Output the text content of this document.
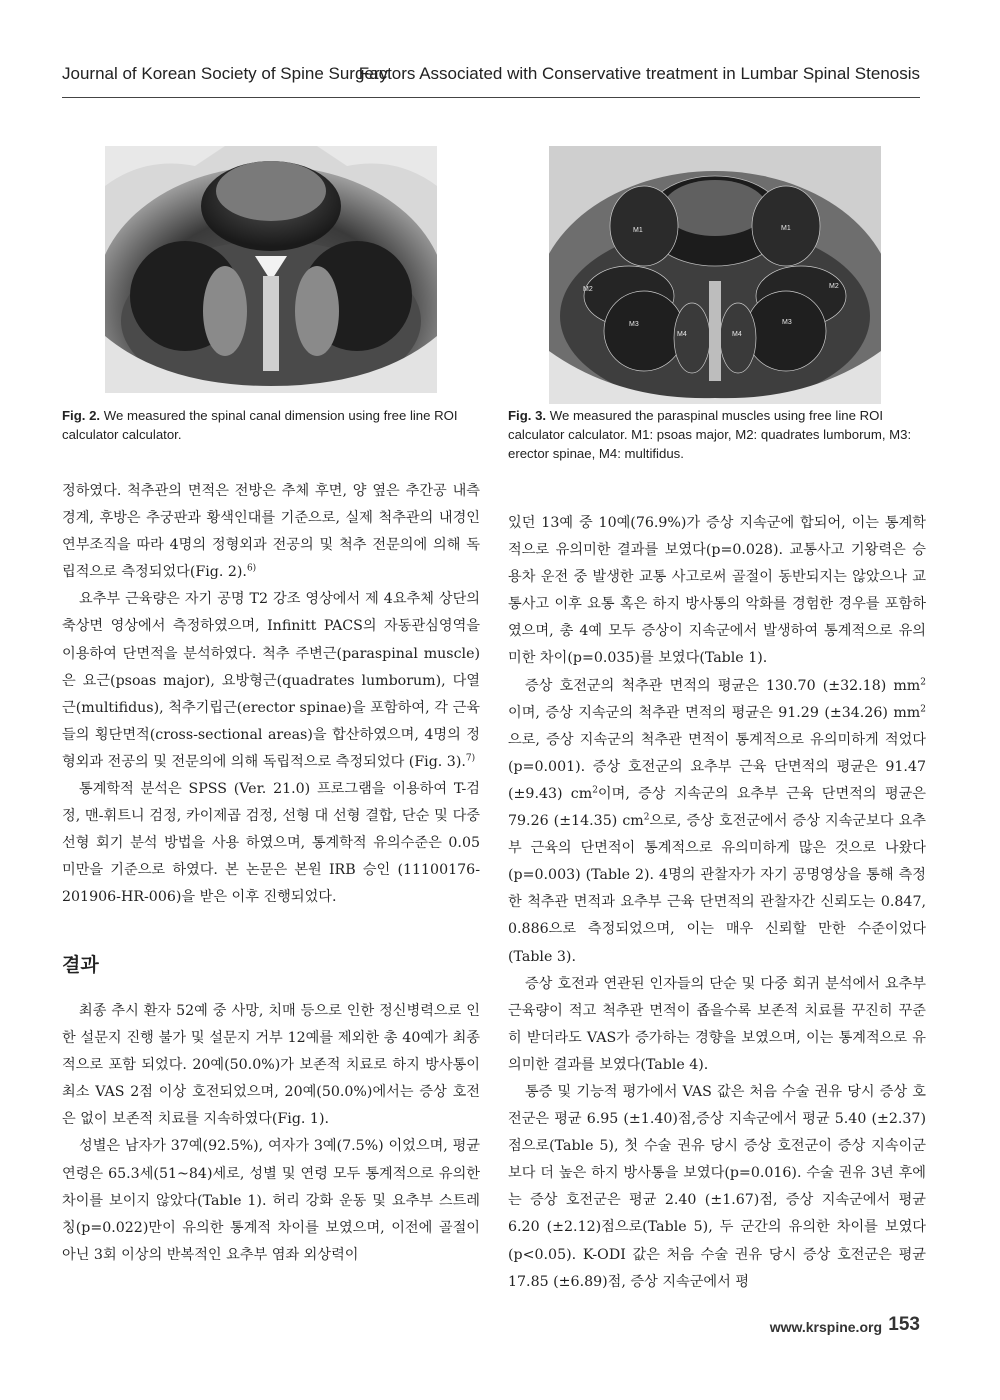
Journal of Korean Society of Spine Surgery
Factors Associated with Conservative treatment in Lumbar Spinal Stenosis
Fig. 2. We measured the spinal canal dimension using free line ROI calculator calculator.
M1	M1
M2	M2
M3	M3
M4	M4
Fig. 3. We measured the paraspinal muscles using free line ROI calculator calculator. M1: psoas major, M2: quadrates lumborum, M3: erector spinae, M4: multifidus.

정하였다. 척추관의 면적은 전방은 추체 후면, 양 옆은 추간공 내측 경계, 후방은 추궁판과 황색인대를 기준으로, 실제 척추관의 내경인 연부조직을 따라 4명의 정형외과 전공의 및 척추 전문의에 의해 독립적으로 측정되었다(Fig. 2).$^{6)}$

요추부 근육량은 자기 공명 T2 강조 영상에서 제 4요추체 상단의 축상면 영상에서 측정하였으며, Infinitt PACS의 자동관심영역을 이용하여 단면적을 분석하였다. 척추 주변근(paraspinal muscle)은 요근(psoas major), 요방형근(quadrates lumborum), 다열근(multifidus), 척추기립근(erector spinae)을 포함하여, 각 근육들의 횡단면적(cross-sectional areas)을 합산하였으며, 4명의 정형외과 전공의 및 전문의에 의해 독립적으로 측정되었다 (Fig. 3).$^{7)}$

통계학적 분석은 SPSS (Ver. 21.0) 프로그램을 이용하여 T-검정, 맨-휘트니 검정, 카이제곱 검정, 선형 대 선형 결합, 단순 및 다중 선형 회기 분석 방법을 사용 하였으며, 통계학적 유의수준은 0.05 미만을 기준으로 하였다. 본 논문은 본원 IRB 승인 (11100176-201906-HR-006)을 받은 이후 진행되었다.

결과

최종 추시 환자 52예 중 사망, 치매 등으로 인한 정신병력으로 인한 설문지 진행 불가 및 설문지 거부 12예를 제외한 총 40예가 최종적으로 포함 되었다. 20예(50.0%)가 보존적 치료로 하지 방사통이 최소 VAS 2점 이상 호전되었으며, 20예(50.0%)에서는 증상 호전은 없이 보존적 치료를 지속하였다(Fig. 1).

성별은 남자가 37예(92.5%), 여자가 3예(7.5%) 이었으며, 평균 연령은 65.3세(51~84)세로, 성별 및 연령 모두 통계적으로 유의한 차이를 보이지 않았다(Table 1). 허리 강화 운동 및 요추부 스트레칭(p=0.022)만이 유의한 통계적 차이를 보였으며, 이전에 골절이 아닌 3회 이상의 반복적인 요추부 염좌 외상력이

있던 13예 중 10예(76.9%)가 증상 지속군에 합되어, 이는 통계학적으로 유의미한 결과를 보였다(p=0.028). 교통사고 기왕력은 승용차 운전 중 발생한 교통 사고로써 골절이 동반되지는 않았으나 교통사고 이후 요통 혹은 하지 방사통의 악화를 경험한 경우를 포함하였으며, 총 4예 모두 증상이 지속군에서 발생하여 통계적으로 유의미한 차이(p=0.035)를 보였다(Table 1).

증상 호전군의 척추관 면적의 평균은 130.70 (±32.18) $mm^2$ 이며, 증상 지속군의 척추관 면적의 평균은 91.29 (±34.26) $mm^2$으로, 증상 지속군의 척추관 면적이 통계적으로 유의미하게 적었다(p=0.001). 증상 호전군의 요추부 근육 단면적의 평균은 91.47 (±9.43) $cm^2$이며, 증상 지속군의 요추부 근육 단면적의 평균은 79.26 (±14.35) $cm^2$으로, 증상 호전군에서 증상 지속군보다 요추부 근육의 단면적이 통계적으로 유의미하게 많은 것으로 나왔다(p=0.003) (Table 2). 4명의 관찰자가 자기 공명영상을 통해 측정한 척추관 면적과 요추부 근육 단면적의 관찰자간 신뢰도는 0.847, 0.886으로 측정되었으며, 이는 매우 신뢰할 만한 수준이었다(Table 3).

증상 호전과 연관된 인자들의 단순 및 다중 회귀 분석에서 요추부 근육량이 적고 척추관 면적이 좁을수록 보존적 치료를 꾸진히 꾸준히 받더라도 VAS가 증가하는 경향을 보였으며, 이는 통계적으로 유의미한 결과를 보였다(Table 4).

통증 및 기능적 평가에서 VAS 값은 처음 수술 권유 당시 증상 호전군은 평균 6.95 (±1.40)점,증상 지속군에서 평균 5.40 (±2.37)점으로(Table 5), 첫 수술 권유 당시 증상 호전군이 증상 지속이군 보다 더 높은 하지 방사통을 보였다(p=0.016). 수술 권유 3년 후에는 증상 호전군은 평균 2.40 (±1.67)점, 증상 지속군에서 평균 6.20 (±2.12)점으로(Table 5), 두 군간의 유의한 차이를 보였다(p<0.05). K-ODI 값은 처음 수술 권유 당시 증상 호전군은 평균 17.85 (±6.89)점, 증상 지속군에서 평

www.krspine.org 153
